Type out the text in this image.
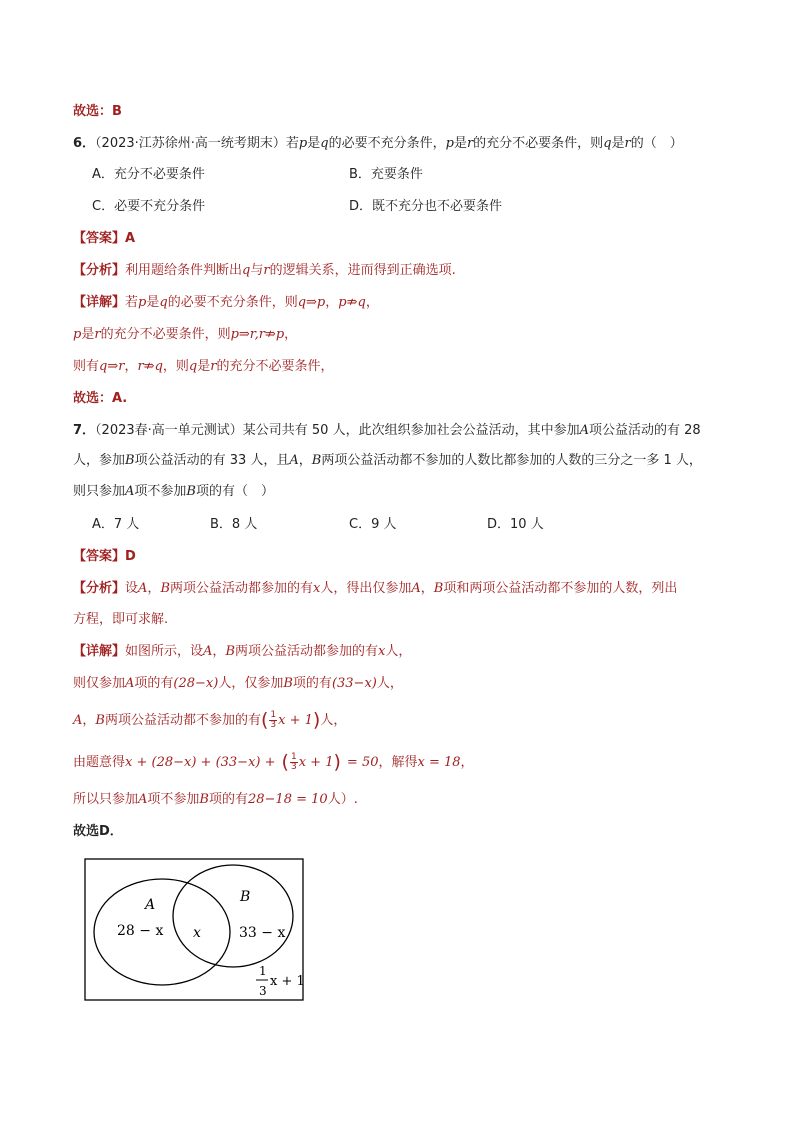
故选：B
6．（2023·江苏徐州·高一统考期末）若p是q的必要不充分条件，p是r的充分不必要条件，则q是r的（　）
A．充分不必要条件	B．充要条件
C．必要不充分条件	D．既不充分也不必要条件
【答案】A
【分析】利用题给条件判断出q与r的逻辑关系，进而得到正确选项.
【详解】若p是q的必要不充分条件，则q⇒p，p⇏q，
p是r的充分不必要条件，则p⇒r,r⇏p，
则有q⇒r，r⇏q，则q是r的充分不必要条件，
故选：A.
7．（2023春·高一单元测试）某公司共有 50 人，此次组织参加社会公益活动，其中参加A项公益活动的有 28
人，参加B项公益活动的有 33 人，且A，B两项公益活动都不参加的人数比都参加的人数的三分之一多 1 人，
则只参加A项不参加B项的有（　）
A．7 人	B．8 人	C．9 人	D．10 人
【答案】D
【分析】设A，B两项公益活动都参加的有x人，得出仅参加A，B项和两项公益活动都不参加的人数，列出
方程，即可求解.
【详解】如图所示，设A，B两项公益活动都参加的有x人，
则仅参加A项的有(28−x)人，仅参加B项的有(33−x)人，
A，B两项公益活动都不参加的有( $\frac{1}{3}$ x + 1)人，
由题意得x + (28−x) + (33−x) + ( $\frac{1}{3}$ x + 1) = 50，解得x = 18，
所以只参加A项不参加B项的有28−18 = 10人）.
故选D．
A	B
28 − x x	33 − x
1
3
x + 1
